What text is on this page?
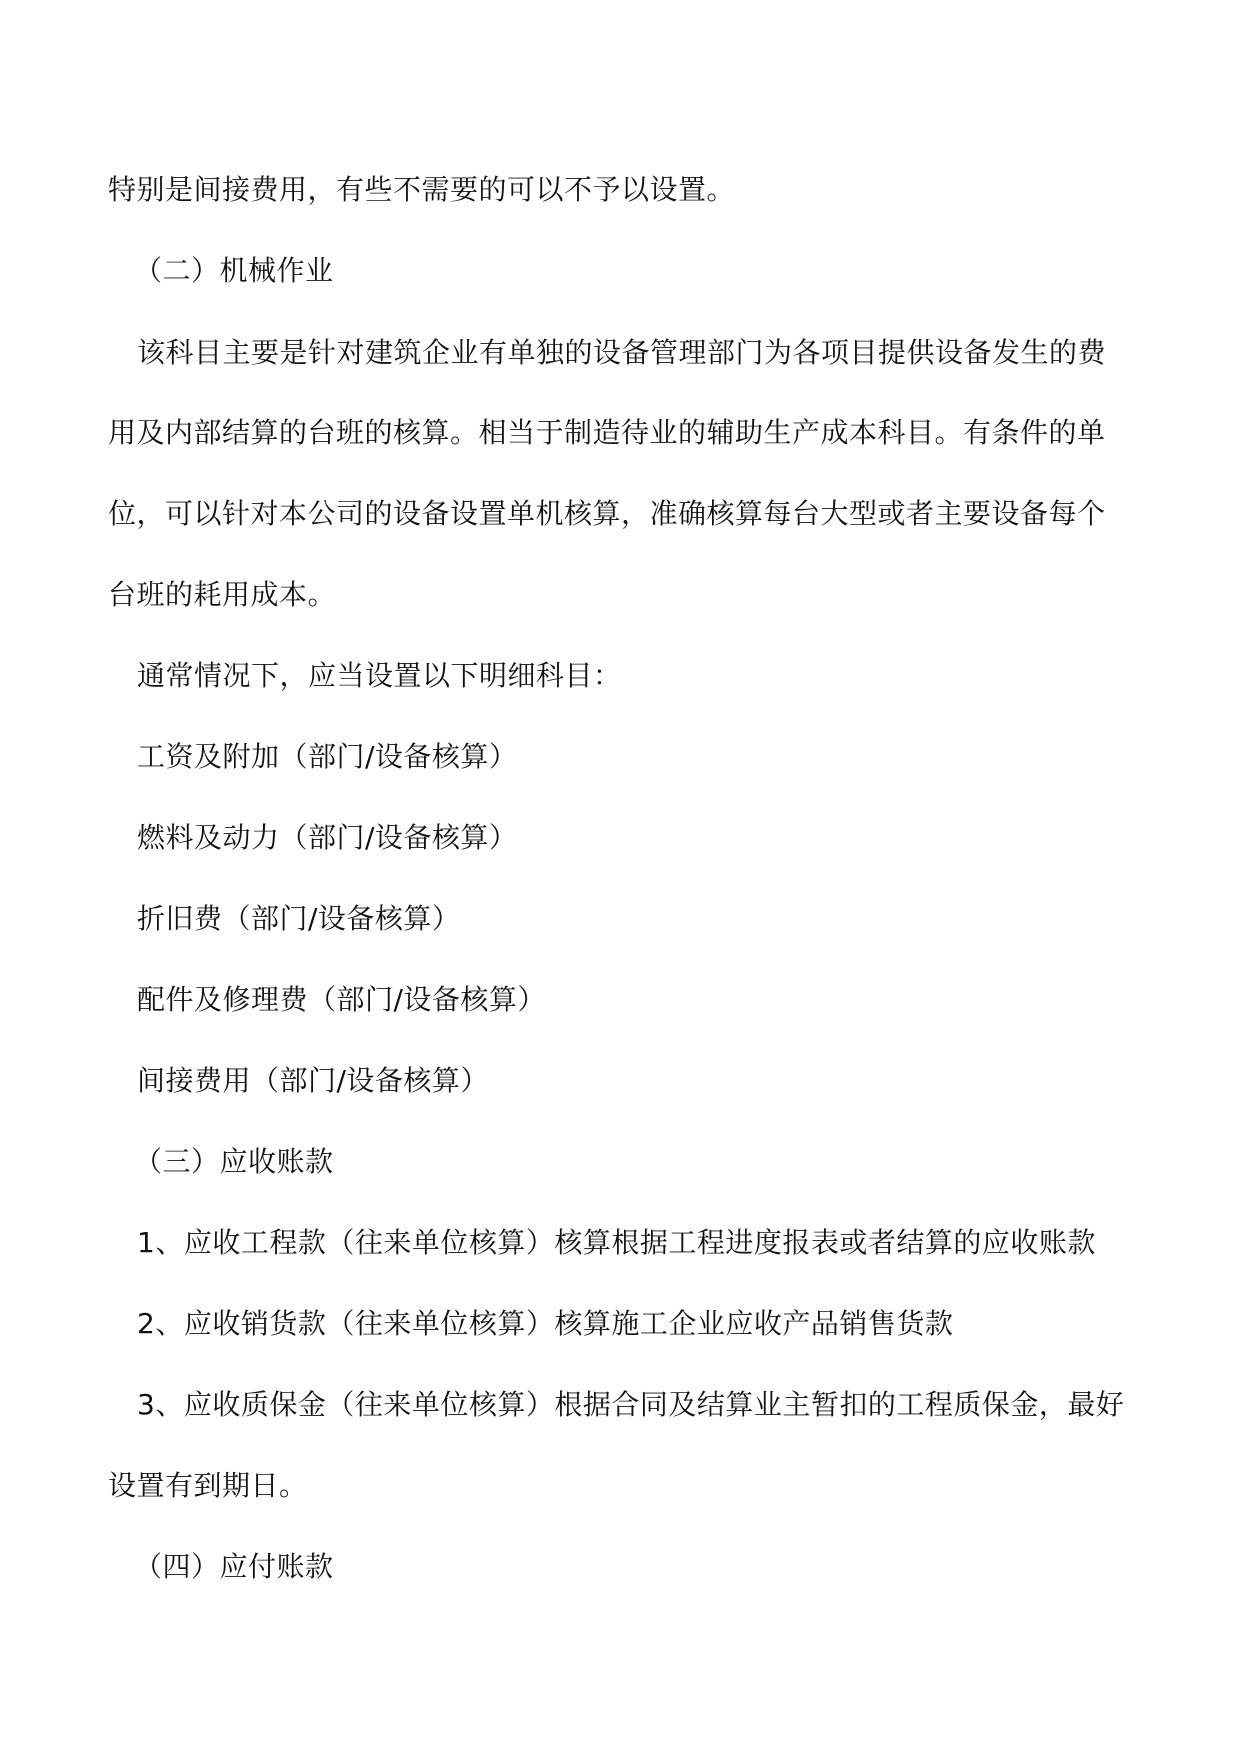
特别是间接费用，有些不需要的可以不予以设置。
（二）机械作业
该科目主要是针对建筑企业有单独的设备管理部门为各项目提供设备发生的费
用及内部结算的台班的核算。相当于制造待业的辅助生产成本科目。有条件的单
位，可以针对本公司的设备设置单机核算，准确核算每台大型或者主要设备每个
台班的耗用成本。
通常情况下，应当设置以下明细科目：
工资及附加（部门/设备核算）
燃料及动力（部门/设备核算）
折旧费（部门/设备核算）
配件及修理费（部门/设备核算）
间接费用（部门/设备核算）
（三）应收账款
1、应收工程款（往来单位核算）核算根据工程进度报表或者结算的应收账款
2、应收销货款（往来单位核算）核算施工企业应收产品销售货款
3、应收质保金（往来单位核算）根据合同及结算业主暂扣的工程质保金，最好
设置有到期日。
（四）应付账款
